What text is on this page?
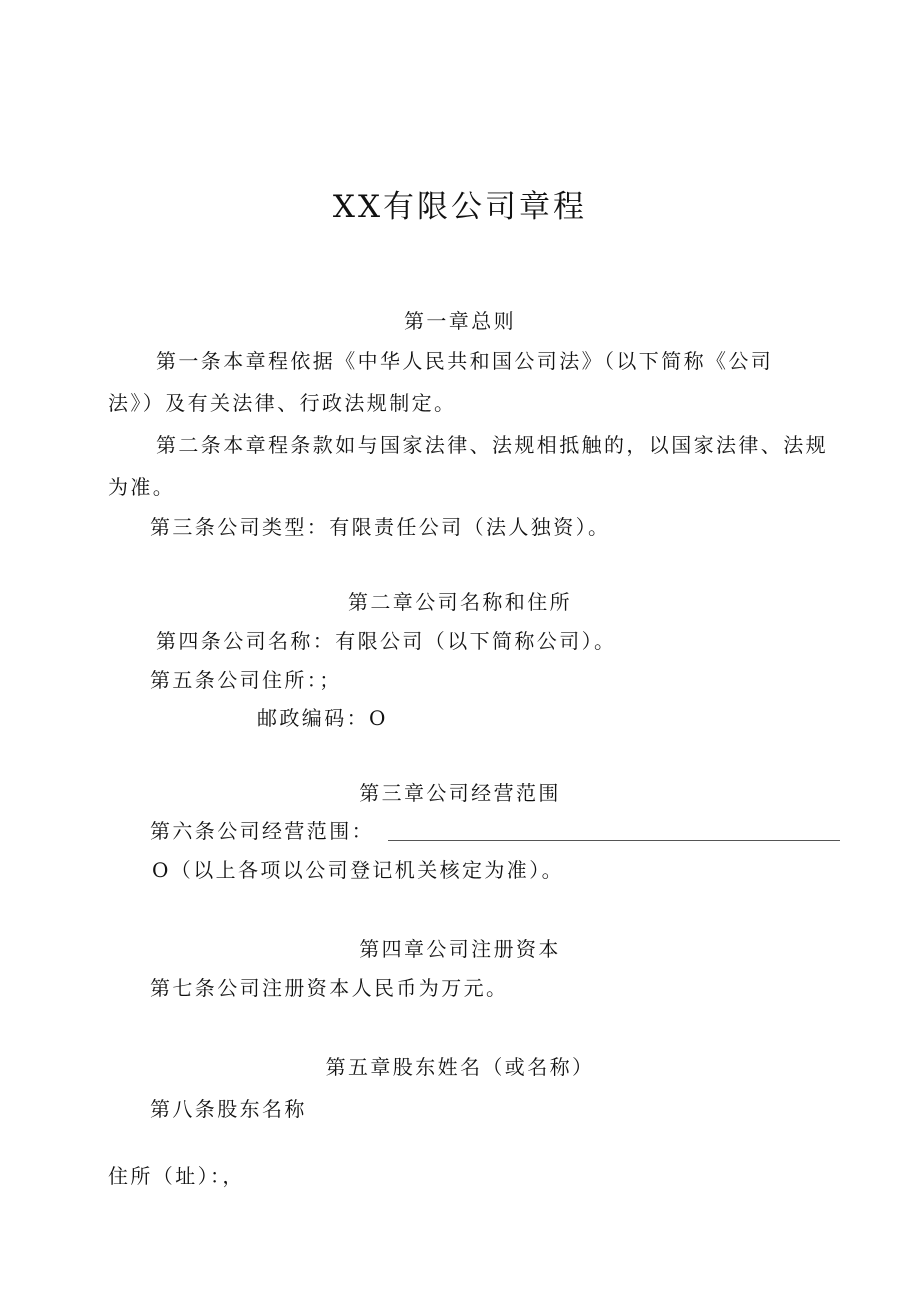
XX有限公司章程
第一章总则
第一条本章程依据《中华人民共和国公司法》（以下简称《公司
法》）及有关法律、行政法规制定。
第二条本章程条款如与国家法律、法规相抵触的，以国家法律、法规
为准。
第三条公司类型：有限责任公司（法人独资）。
第二章公司名称和住所
第四条公司名称：有限公司（以下简称公司）。
第五条公司住所：；
邮政编码：O
第三章公司经营范围
第六条公司经营范围：
O（以上各项以公司登记机关核定为准）。
第四章公司注册资本
第七条公司注册资本人民币为万元。
第五章股东姓名（或名称）
第八条股东名称
住所（址）：，
